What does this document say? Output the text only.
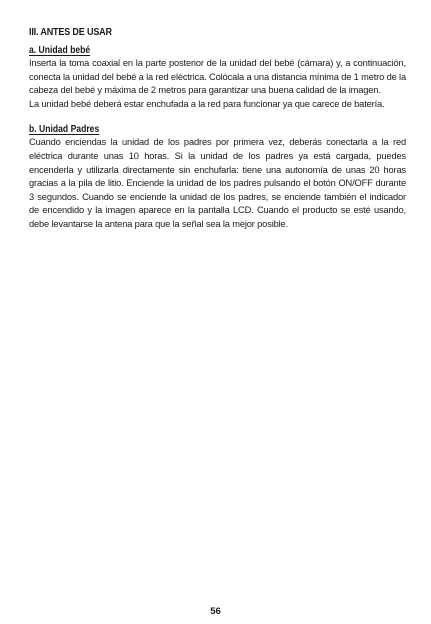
III. ANTES DE USAR
a. Unidad bebé

Inserta la toma coaxial en la parte posterior de la unidad del bebé (cámara) y, a continuación, conecta la unidad del bebé a la red eléctrica. Colócala a una distancia mínima de 1 metro de la cabeza del bebé y máxima de 2 metros para garantizar una buena calidad de la imagen.

La unidad bebé deberá estar enchufada a la red para funcionar ya que carece de batería.

b. Unidad Padres

Cuando enciendas la unidad de los padres por primera vez, deberás conectarla a la red eléctrica durante unas 10 horas. Si la unidad de los padres ya está cargada, puedes encenderla y utilizarla directamente sin enchufarla: tiene una autonomía de unas 20 horas gracias a la pila de litio. Enciende la unidad de los padres pulsando el botón ON/OFF durante 3 segundos. Cuando se enciende la unidad de los padres, se enciende también el indicador de encendido y la imagen aparece en la pantalla LCD. Cuando el producto se esté usando, debe levantarse la antena para que la señal sea la mejor posible.

56
